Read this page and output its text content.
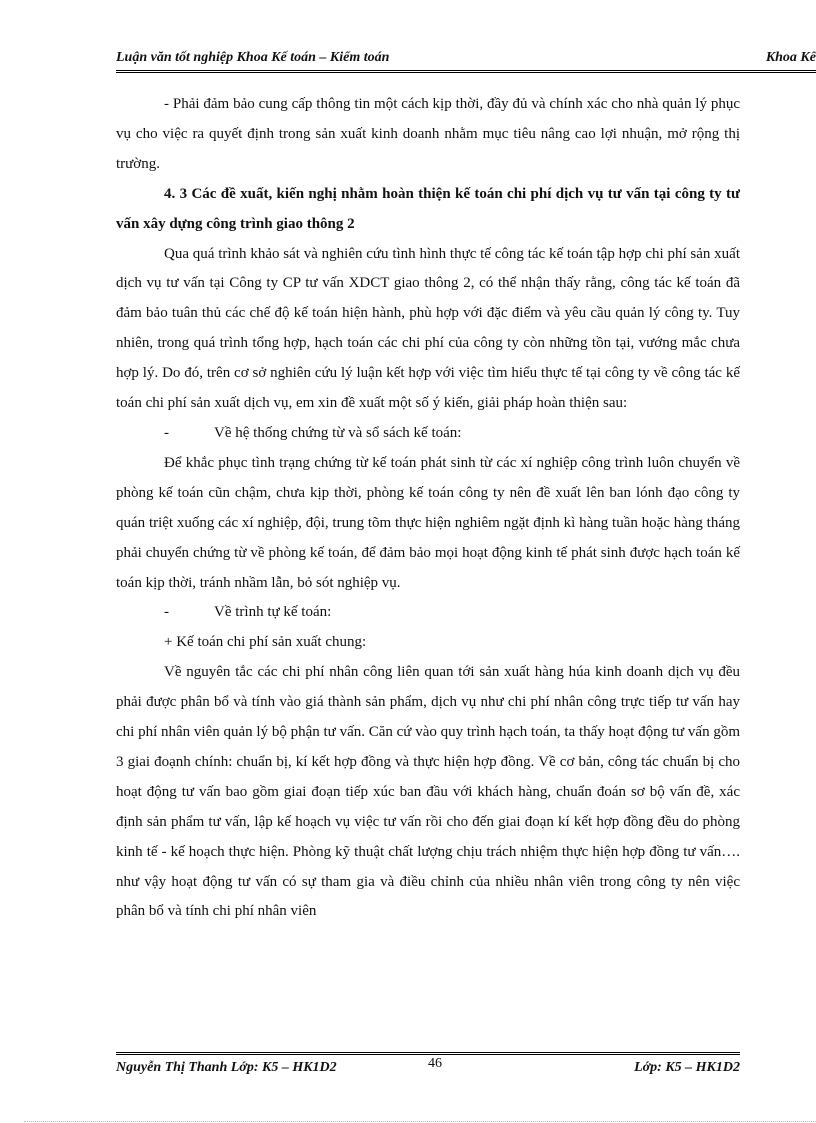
Luận văn tốt nghiệp Khoa Kế toán – Kiểm toán	Khoa Kế

- Phải đảm bảo cung cấp thông tin một cách kịp thời, đầy đủ và chính xác cho nhà quản lý phục vụ cho việc ra quyết định trong sản xuất kinh doanh nhằm mục tiêu nâng cao lợi nhuận, mở rộng thị trường.

4. 3 Các đề xuất, kiến nghị nhằm hoàn thiện kế toán chi phí dịch vụ tư vấn tại công ty tư vấn xây dựng công trình giao thông 2

Qua quá trình khảo sát và nghiên cứu tình hình thực tế công tác kế toán tập hợp chi phí sản xuất dịch vụ tư vấn tại Công ty CP tư vấn XDCT giao thông 2, có thể nhận thấy rằng, công tác kế toán đã đảm bảo tuân thủ các chế độ kế toán hiện hành, phù hợp với đặc điểm và yêu cầu quản lý công ty. Tuy nhiên, trong quá trình tổng hợp, hạch toán các chi phí của công ty còn những tồn tại, vướng mắc chưa hợp lý. Do đó, trên cơ sở nghiên cứu lý luận kết hợp với việc tìm hiểu thực tế tại công ty về công tác kế toán chi phí sản xuất dịch vụ, em xin đề xuất một số ý kiến, giải pháp hoàn thiện sau:

-	Về hệ thống chứng từ và sổ sách kế toán:

Để khắc phục tình trạng chứng từ kế toán phát sinh từ các xí nghiệp công trình luôn chuyển về phòng kế toán cũn chậm, chưa kịp thời, phòng kế toán công ty nên đề xuất lên ban lónh đạo công ty quán triệt xuống các xí nghiệp, đội, trung tõm thực hiện nghiêm ngặt định kì hàng tuần hoặc hàng tháng phải chuyển chứng từ về phòng kế toán, để đảm bảo mọi hoạt động kinh tế phát sinh được hạch toán kế toán kịp thời, tránh nhầm lẫn, bỏ sót nghiệp vụ.

-	Về trình tự kế toán:

+ Kế toán chi phí sản xuất chung:

Về nguyên tắc các chi phí nhân công liên quan tới sản xuất hàng húa kinh doanh dịch vụ đều phải được phân bổ và tính vào giá thành sản phẩm, dịch vụ như chi phí nhân công trực tiếp tư vấn hay chi phí nhân viên quản lý bộ phận tư vấn. Căn cứ vào quy trình hạch toán, ta thấy hoạt động tư vấn gồm 3 giai đoạnh chính: chuẩn bị, kí kết hợp đồng và thực hiện hợp đồng. Về cơ bản, công tác chuẩn bị cho hoạt động tư vấn bao gồm giai đoạn tiếp xúc ban đầu với khách hàng, chuẩn đoán sơ bộ vấn đề, xác định sản phẩm tư vấn, lập kế hoạch vụ việc tư vấn rồi cho đến giai đoạn kí kết hợp đồng đều do phòng kinh tế - kế hoạch thực hiện. Phòng kỹ thuật chất lượng chịu trách nhiệm thực hiện hợp đồng tư vấn…. như vậy hoạt động tư vấn có sự tham gia và điều chỉnh của nhiều nhân viên trong công ty nên việc phân bổ và tính chi phí nhân viên

Nguyễn Thị Thanh Lớp: K5 – HK1D2	46	Lớp: K5 – HK1D2
